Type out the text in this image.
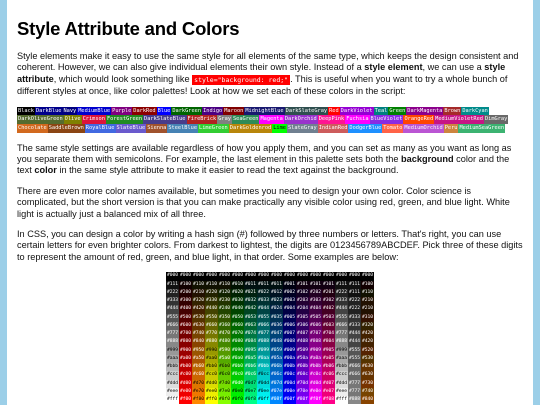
Style Attribute and Colors

Style elements make it easy to use the same style for all elements of the same type, which keeps the design consistent and coherent. However, we can also give individual elements their own style. Instead of a style element, we can use a style attribute, which would look something like style="background: red;" . This is useful when you want to try a whole bunch of different styles at once, like color palettes! Look at how we set each of these colors in the script:

Black DarkBlue Navy MediumBlue Purple DarkRed Blue DarkGreen Indigo Maroon MidnightBlue DarkSlateGray Red DarkViolet Teal Green DarkMagenta Brown DarkCyanDarkOliveGreen Olive Crimson ForestGreen DarkSlateBlue FireBrick Gray SeaGreen Magenta DarkOrchid DeepPink Fuchsia BlueViolet OrangeRed MediumVioletRed DimGrayChocolate SaddleBrown RoyalBlue SlateBlue Sienna SteelBlue LimeGreen DarkGoldenrod Lime SlateGray IndianRed DodgerBlue Tomato MediumOrchid Peru MediumSeaGreen

The same style settings are available regardless of how you apply them, and you can set as many as you want as long as you separate them with semicolons. For example, the last element in this palette sets both the background color and the text color in the same style attribute to make it easier to read the text against the background.

There are even more color names available, but sometimes you need to design your own color. Color science is complicated, but the short version is that you can make practically any visible color using red, green, and blue light. White light is actually just a balanced mix of all three.

In CSS, you can design a color by writing a hash sign (#) followed by three numbers or letters. That's right, you can use certain letters for even brighter colors. From darkest to lightest, the digits are 0123456789ABCDEF. Pick three of these digits to represent the amount of red, green, and blue light, in that order. Some examples are below:

#000 #000 #000 #000 #000 #000 #000 #000 #000 #000 #000 #000 #000 #000 #000 #000
#111 #100 #110 #110 #110 #010 #011 #011 #011 #001 #101 #101 #101 #111 #111 #100
#222 #200 #210 #220 #120 #020 #021 #022 #012 #002 #102 #202 #201 #222 #111 #110
#333 #300 #320 #330 #230 #030 #032 #033 #023 #003 #203 #303 #302 #333 #222 #210
#444 #400 #420 #440 #240 #040 #042 #044 #024 #004 #204 #404 #402 #444 #222 #210
#555 #500 #530 #550 #350 #050 #053 #055 #035 #005 #305 #505 #503 #555 #333 #310
#666 #600 #630 #660 #360 #060 #063 #066 #036 #006 #306 #606 #603 #666 #333 #320
#777 #700 #740 #770 #470 #070 #074 #077 #047 #007 #407 #707 #704 #777 #444 #420
#888 #800 #840 #880 #480 #080 #084 #088 #048 #008 #408 #808 #804 #888 #444 #420
#999 #900 #950 #990 #590 #090 #095 #099 #059 #009 #509 #909 #905 #999 #555 #520
#aaa #a00 #a50 #aa0 #5a0 #0a0 #0a5 #0aa #05a #00a #50a #a0a #a05 #aaa #555 #530
#bbb #b00 #b60 #bb0 #6b0 #0b0 #0b6 #0bb #06b #00b #60b #b0b #b06 #bbb #666 #630
#ccc #c00 #c60 #cc0 #6c0 #0c0 #0c6 #0cc #06c #00c #60c #c0c #c06 #ccc #666 #630
#ddd #d00 #d70 #dd0 #7d0 #0d0 #0d7 #0dd #07d #00d #70d #d0d #d07 #ddd #777 #730
#eee #e00 #e70 #ee0 #7e0 #0e0 #0e7 #0ee #07e #00e #70e #e0e #e07 #eee #777 #740
#fff #f00 #f80 #ff0 #8f0 #0f0 #0f8 #0ff #08f #00f #80f #f0f #f08 #fff #888 #840
